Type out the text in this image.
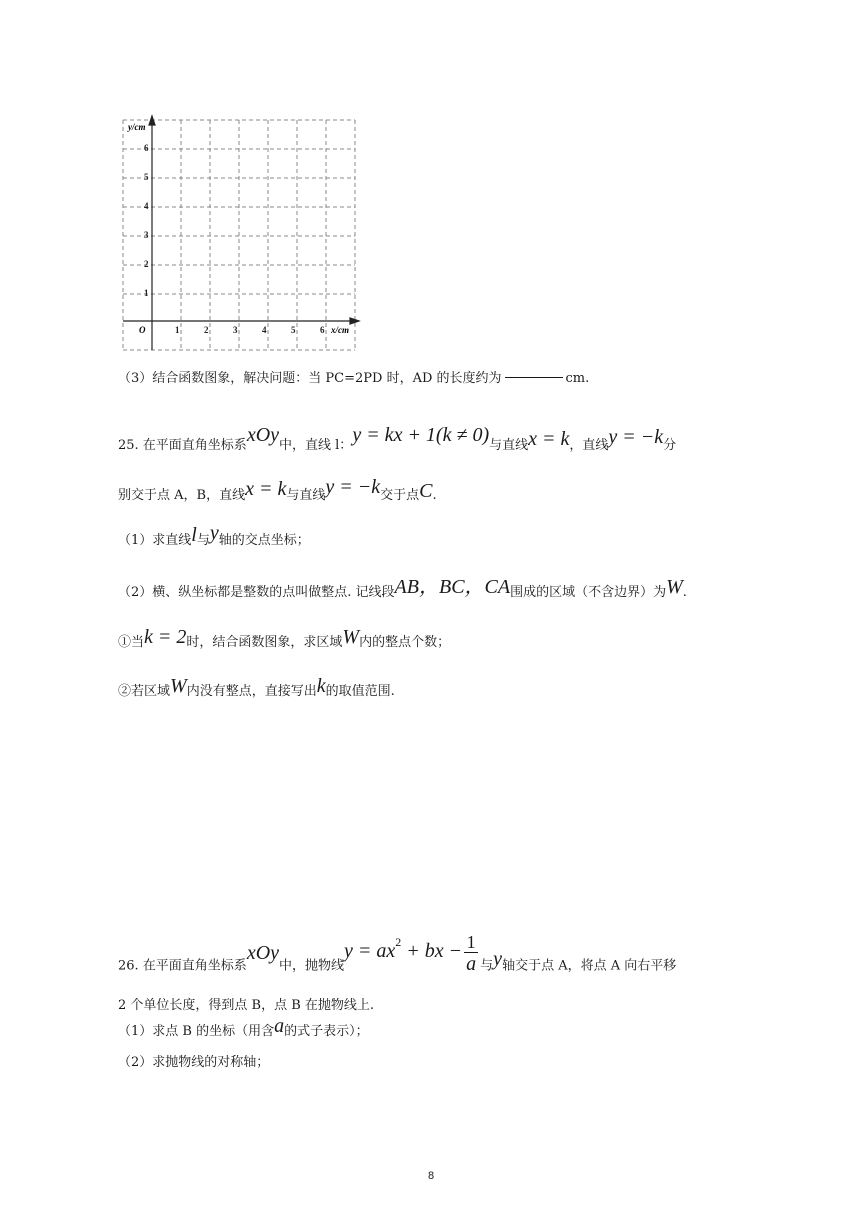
y/cm
x/cm
O	1	2	3	4	5	6
1
2
3
4
5
6
（3）结合函数图象，解决问题：当 PC=2PD 时，AD 的长度约为	cm.
25. 在平面直角坐标系xOy中，直线 l：y = kx + 1(k ≠ 0)与直线x = k，直线y = −k分
别交于点 A，B，直线x = k与直线y = −k交于点C.
（1）求直线l与y轴的交点坐标；
（2）横、纵坐标都是整数的点叫做整点. 记线段AB，BC，CA围成的区域（不含边界）为W.
①当k = 2时，结合函数图象，求区域W内的整点个数；
②若区域W内没有整点，直接写出k的取值范围.
26. 在平面直角坐标系xOy中，抛物线$y = ax^2$ + bx − $\frac{1}{a}$ 与y轴交于点 A，将点 A 向右平移
2 个单位长度，得到点 B，点 B 在抛物线上.
（1）求点 B 的坐标（用含a的式子表示）；
（2）求抛物线的对称轴；
8
